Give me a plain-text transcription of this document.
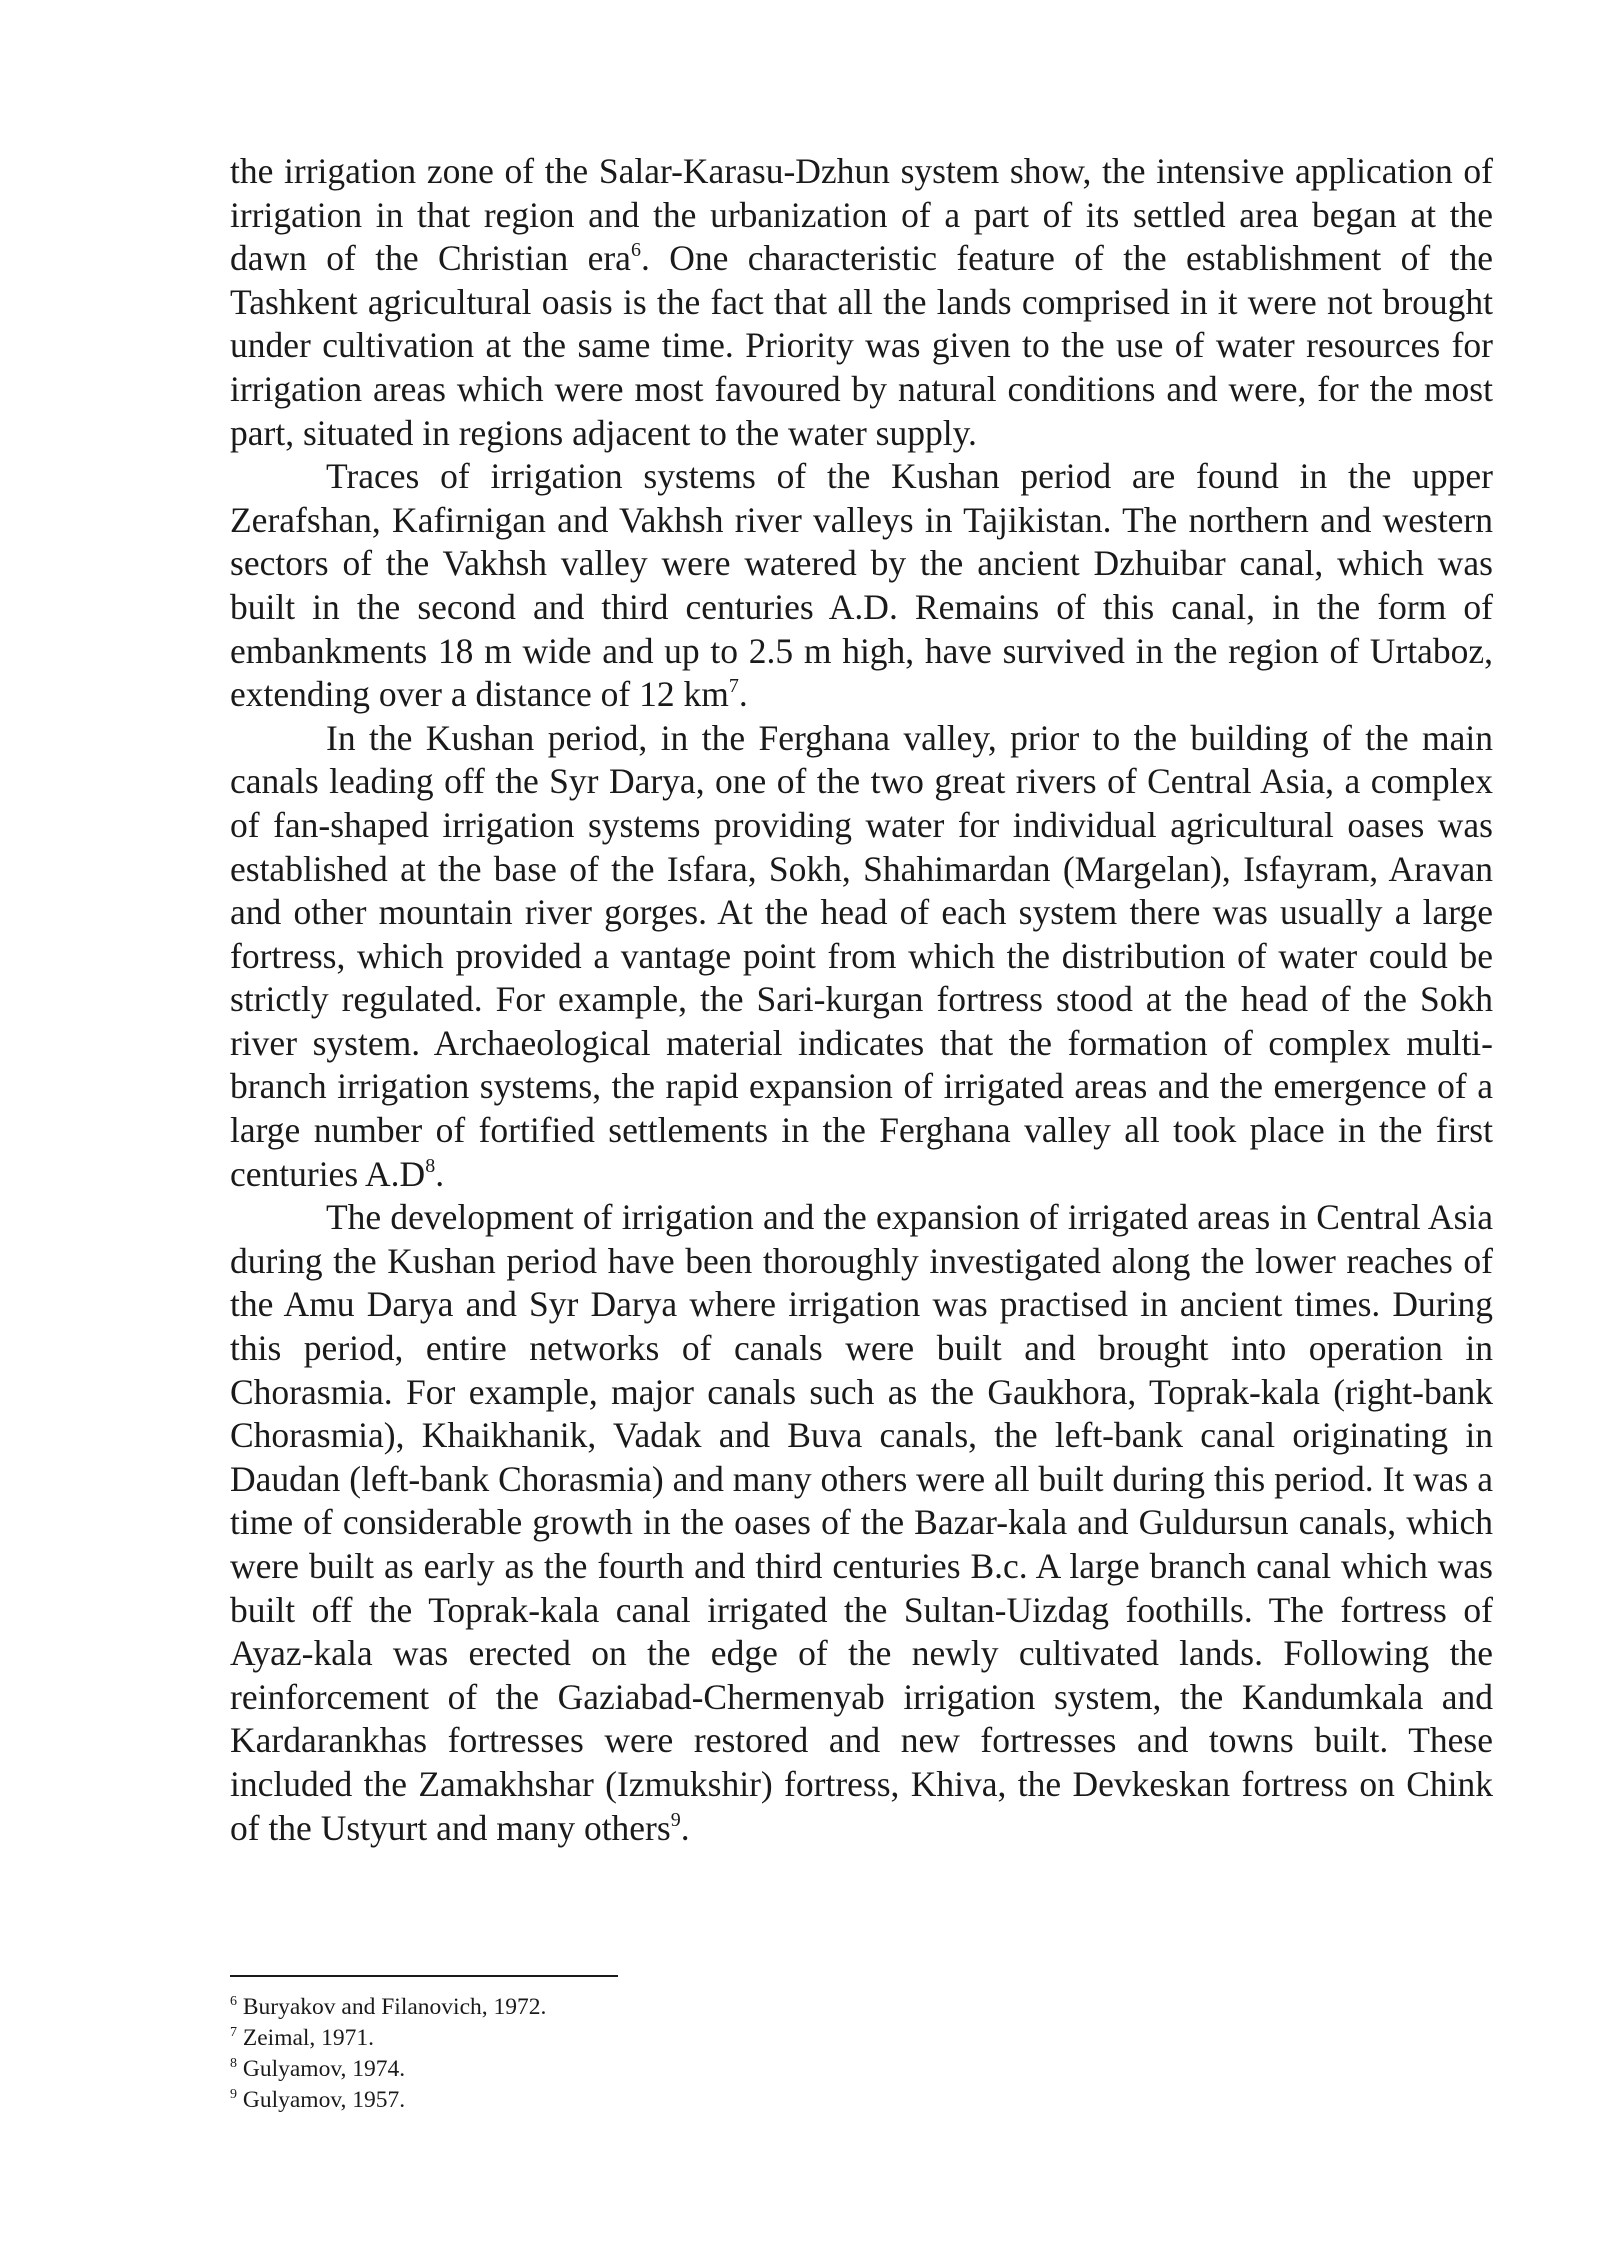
the irrigation zone of the Salar-Karasu-Dzhun system show, the intensive application of irrigation in that region and the urbanization of a part of its settled area began at the dawn of the Christian era$^6$. One characteristic feature of the establishment of the Tashkent agricultural oasis is the fact that all the lands comprised in it were not brought under cultivation at the same time. Priority was given to the use of water resources for irrigation areas which were most favoured by natural conditions and were, for the most part, situated in regions adjacent to the water supply.

Traces of irrigation systems of the Kushan period are found in the upper Zerafshan, Kafirnigan and Vakhsh river valleys in Tajikistan. The northern and western sectors of the Vakhsh valley were watered by the ancient Dzhuibar canal, which was built in the second and third centuries A.D. Remains of this canal, in the form of embankments 18 m wide and up to 2.5 m high, have survived in the region of Urtaboz, extending over a distance of 12 $km^7$.

In the Kushan period, in the Ferghana valley, prior to the building of the main canals leading off the Syr Darya, one of the two great rivers of Central Asia, a complex of fan-shaped irrigation systems providing water for individual agricultural oases was established at the base of the Isfara, Sokh, Shahimardan (Margelan), Isfayram, Aravan and other mountain river gorges. At the head of each system there was usually a large fortress, which provided a vantage point from which the distribution of water could be strictly regulated. For example, the Sari-kurgan fortress stood at the head of the Sokh river system. Archaeological material indicates that the formation of complex multi-branch irrigation systems, the rapid expansion of irrigated areas and the emergence of a large number of fortified settlements in the Ferghana valley all took place in the first centuries $A.D^8$.

The development of irrigation and the expansion of irrigated areas in Central Asia during the Kushan period have been thoroughly investigated along the lower reaches of the Amu Darya and Syr Darya where irrigation was practised in ancient times. During this period, entire networks of canals were built and brought into operation in Chorasmia. For example, major canals such as the Gaukhora, Toprak-kala (right-bank Chorasmia), Khaikhanik, Vadak and Buva canals, the left-bank canal originating in Daudan (left-bank Chorasmia) and many others were all built during this period. It was a time of considerable growth in the oases of the Bazar-kala and Guldursun canals, which were built as early as the fourth and third centuries B.c. A large branch canal which was built off the Toprak-kala canal irrigated the Sultan-Uizdag foothills. The fortress of Ayaz-kala was erected on the edge of the newly cultivated lands. Following the reinforcement of the Gaziabad-Chermenyab irrigation system, the Kandumkala and Kardarankhas fortresses were restored and new fortresses and towns built. These included the Zamakhshar (Izmukshir) fortress, Khiva, the Devkeskan fortress on Chink of the Ustyurt and many others$^9$.

$^6$ Buryakov and Filanovich, 1972.

$^7$ Zeimal, 1971.

$^8$ Gulyamov, 1974.

$^9$ Gulyamov, 1957.
